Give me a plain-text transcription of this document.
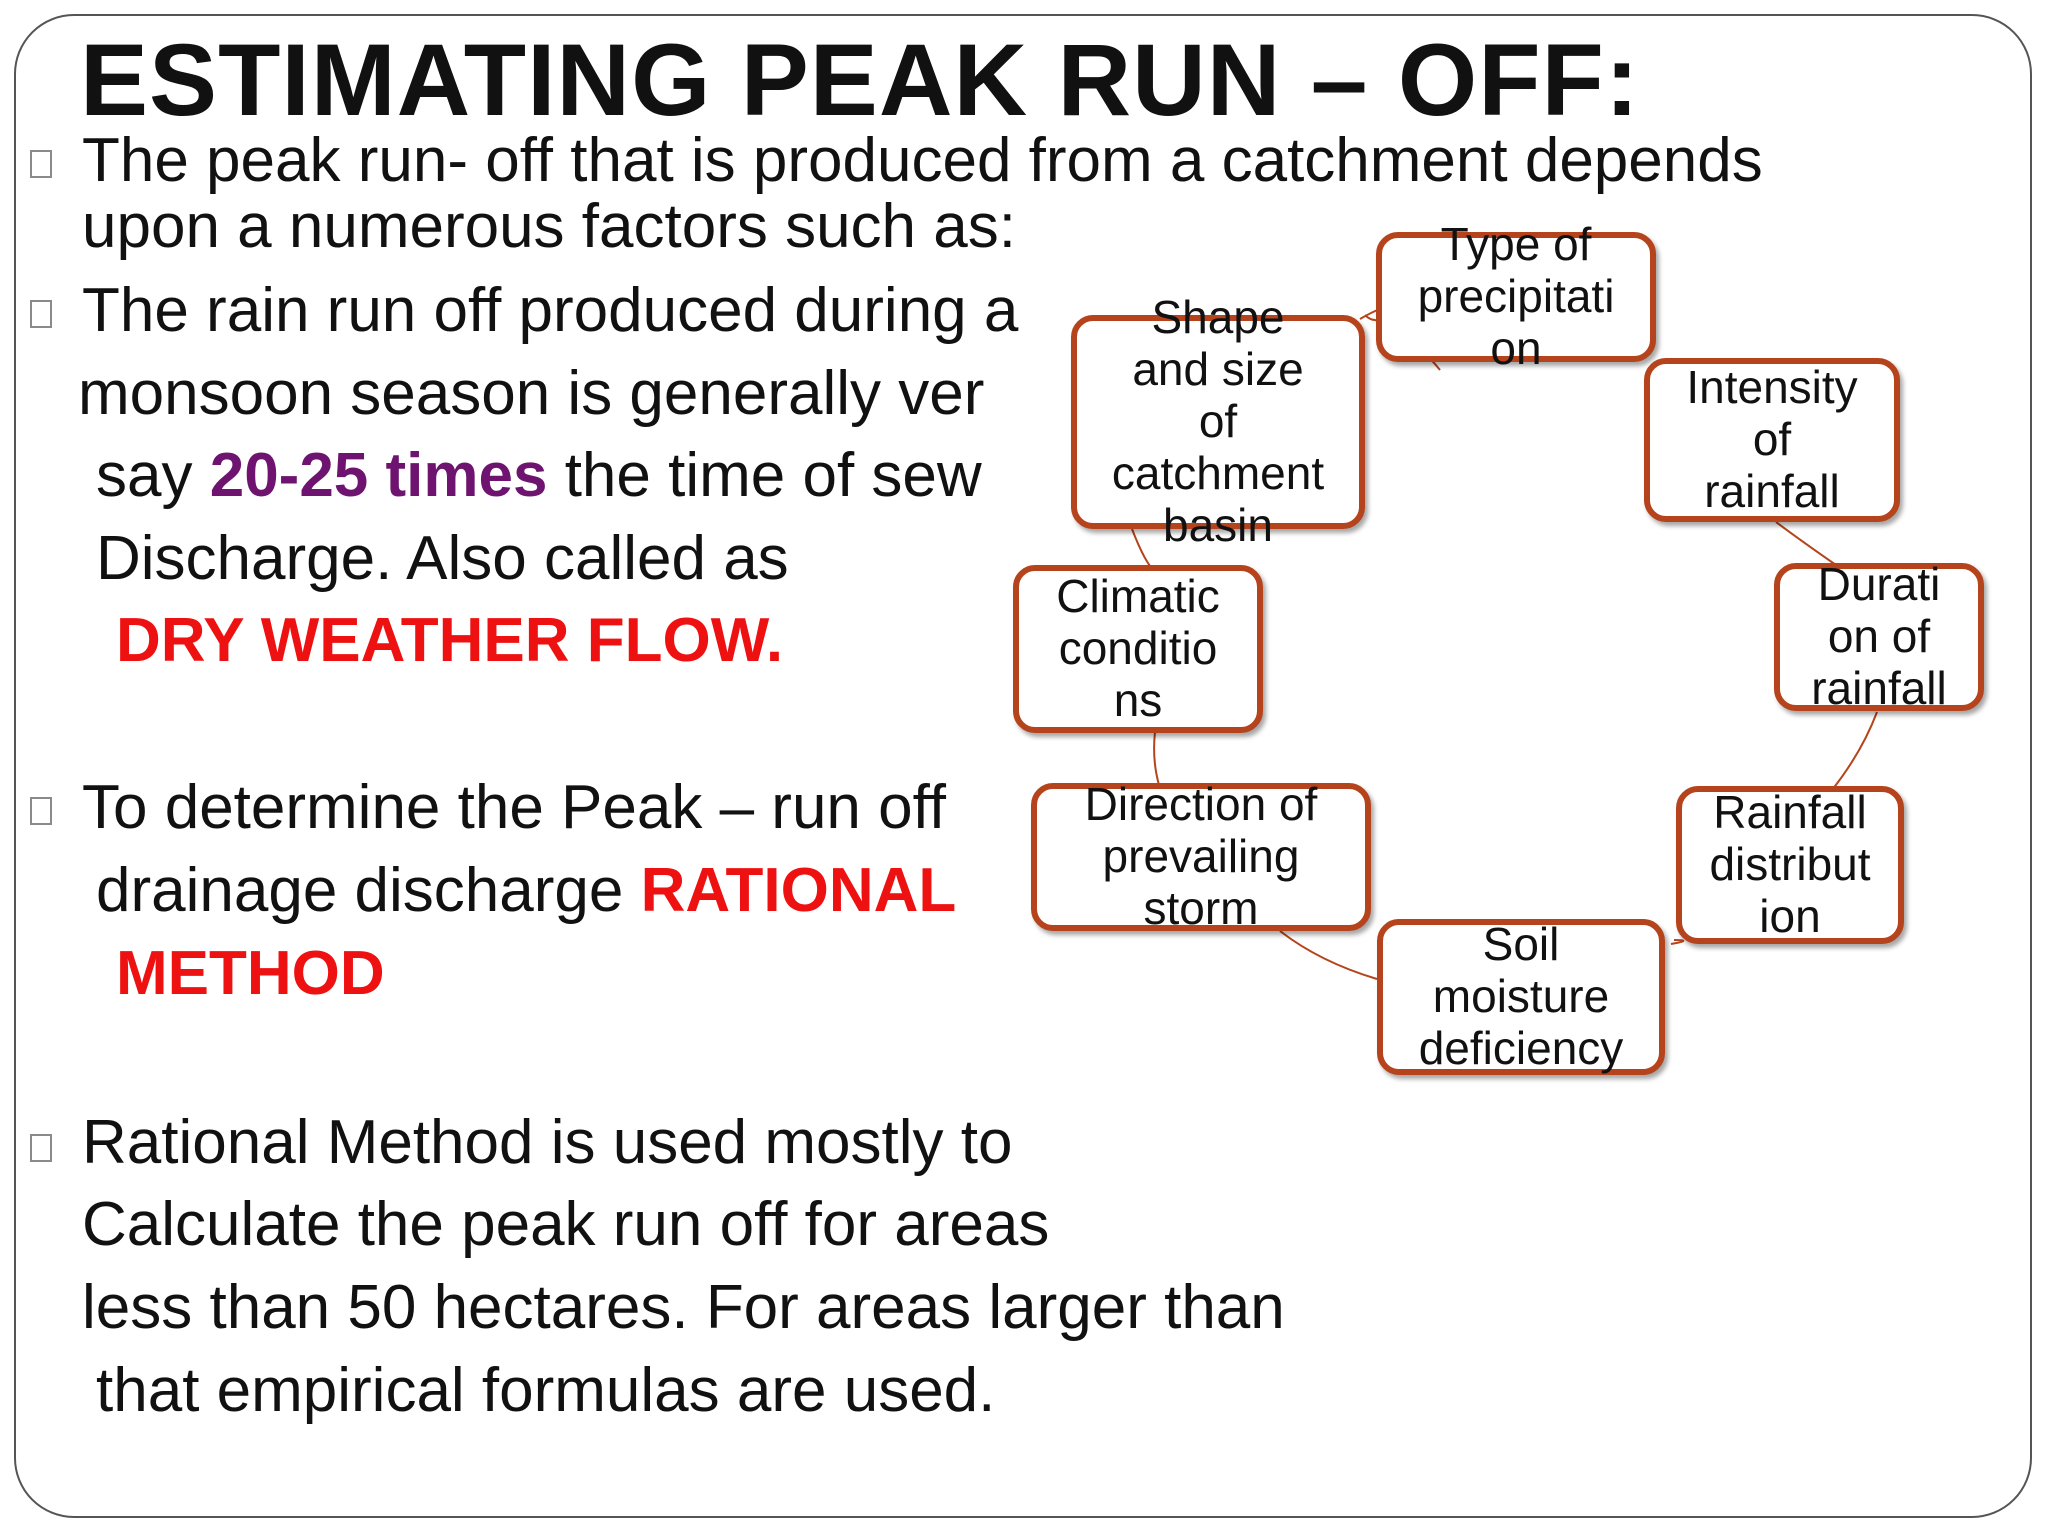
ESTIMATING PEAK RUN – OFF:
The peak run- off that is produced from a catchment depends
upon a numerous factors such as:
The rain run off produced during a
monsoon season is generally ver
say 20-25 times the time of sew
Discharge. Also called as
DRY WEATHER FLOW.
To determine the Peak – run off
drainage discharge RATIONAL
METHOD
Rational Method is used mostly to
Calculate the peak run off for areas
less than 50 hectares. For areas larger than
that empirical formulas are used.
Type of
precipitati
on
Intensity
of
rainfall
Durati
on of
rainfall
Rainfall
distribut
ion
Soil
moisture
deficiency
Direction of
prevailing
storm
Climatic
conditio
ns
Shape
and size
of
catchment
basin
